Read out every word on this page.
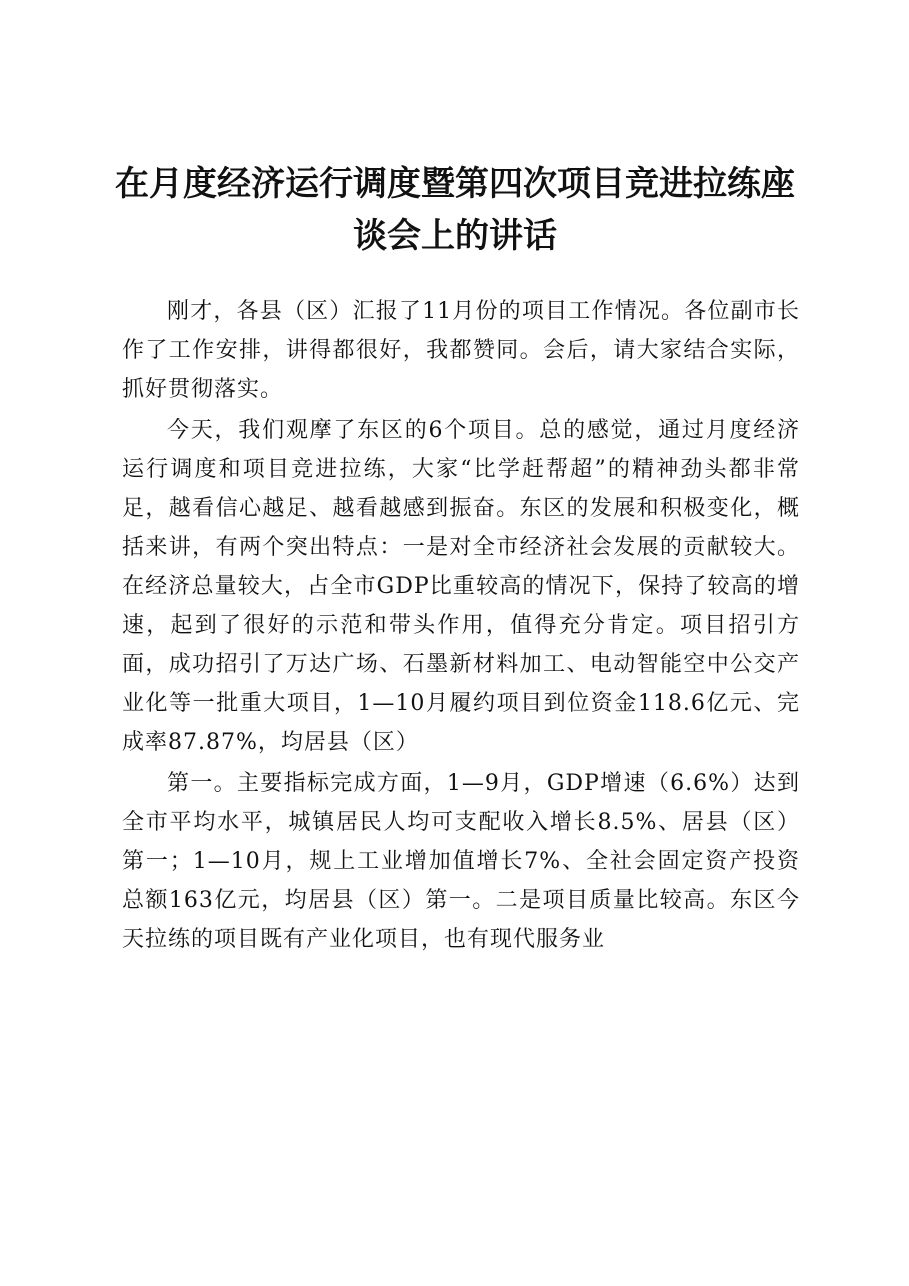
在月度经济运行调度暨第四次项目竞进拉练座
谈会上的讲话

刚才，各县（区）汇报了11月份的项目工作情况。各位副市长作了工作安排，讲得都很好，我都赞同。会后，请大家结合实际，抓好贯彻落实。

今天，我们观摩了东区的6个项目。总的感觉，通过月度经济运行调度和项目竞进拉练，大家“比学赶帮超”的精神劲头都非常足，越看信心越足、越看越感到振奋。东区的发展和积极变化，概括来讲，有两个突出特点：一是对全市经济社会发展的贡献较大。在经济总量较大，占全市GDP比重较高的情况下，保持了较高的增速，起到了很好的示范和带头作用，值得充分肯定。项目招引方面，成功招引了万达广场、石墨新材料加工、电动智能空中公交产业化等一批重大项目，1—10月履约项目到位资金118.6亿元、完成率87.87%，均居县（区）

第一。主要指标完成方面，1—9月，GDP增速（6.6%）达到全市平均水平，城镇居民人均可支配收入增长8.5%、居县（区）第一；1—10月，规上工业增加值增长7%、全社会固定资产投资总额163亿元，均居县（区）第一。二是项目质量比较高。东区今天拉练的项目既有产业化项目，也有现代服务业
